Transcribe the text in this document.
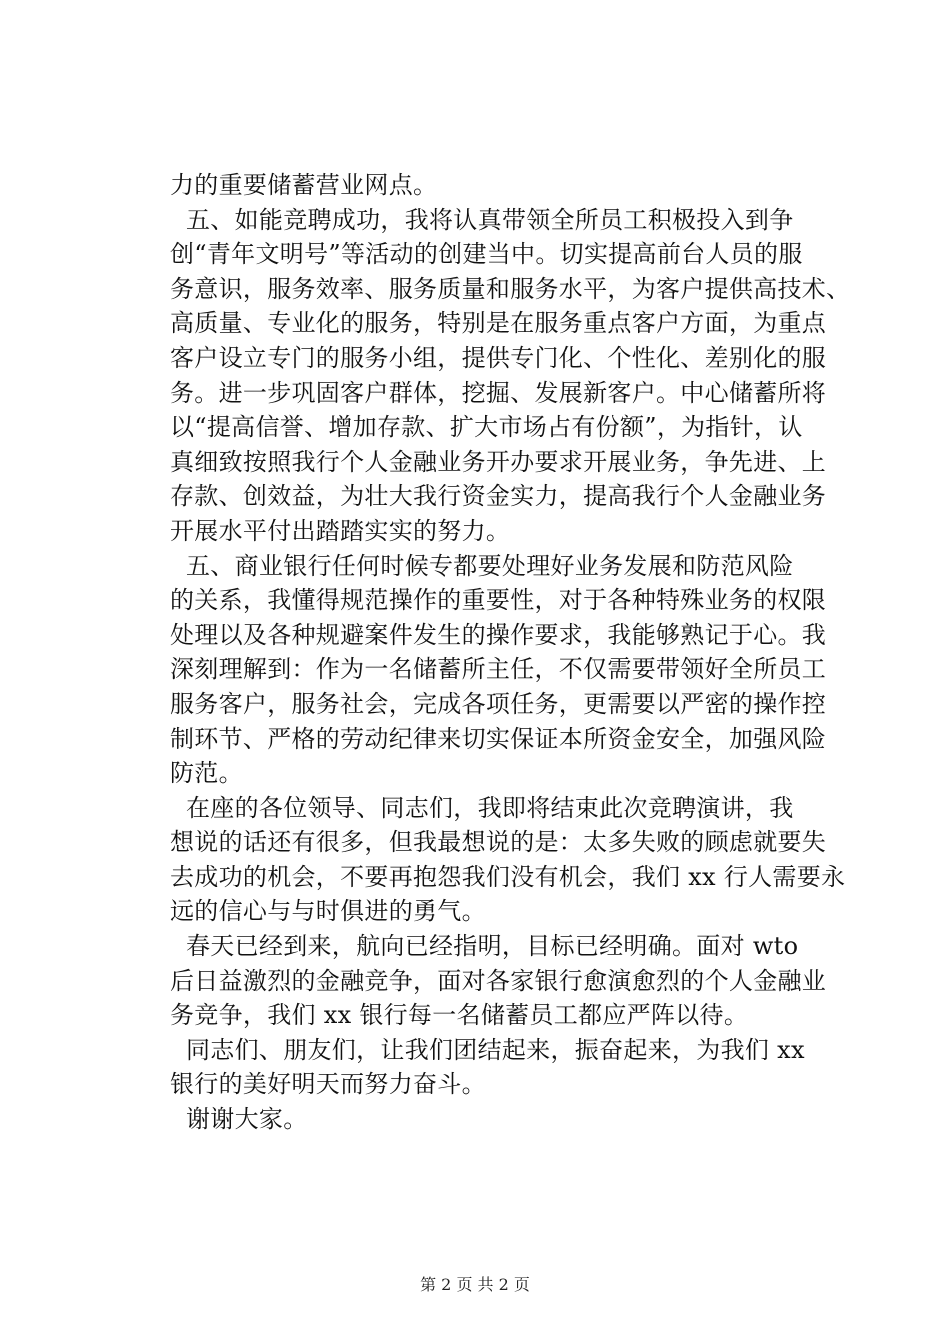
力的重要储蓄营业网点。
五、如能竞聘成功，我将认真带领全所员工积极投入到争
创“青年文明号”等活动的创建当中。切实提高前台人员的服
务意识，服务效率、服务质量和服务水平，为客户提供高技术、
高质量、专业化的服务，特别是在服务重点客户方面，为重点
客户设立专门的服务小组，提供专门化、个性化、差别化的服
务。进一步巩固客户群体，挖掘、发展新客户。中心储蓄所将
以“提高信誉、增加存款、扩大市场占有份额”，为指针，认
真细致按照我行个人金融业务开办要求开展业务，争先进、上
存款、创效益，为壮大我行资金实力，提高我行个人金融业务
开展水平付出踏踏实实的努力。
五、商业银行任何时候专都要处理好业务发展和防范风险
的关系，我懂得规范操作的重要性，对于各种特殊业务的权限
处理以及各种规避案件发生的操作要求，我能够熟记于心。我
深刻理解到：作为一名储蓄所主任，不仅需要带领好全所员工
服务客户，服务社会，完成各项任务，更需要以严密的操作控
制环节、严格的劳动纪律来切实保证本所资金安全，加强风险
防范。
在座的各位领导、同志们，我即将结束此次竞聘演讲，我
想说的话还有很多，但我最想说的是：太多失败的顾虑就要失
去成功的机会，不要再抱怨我们没有机会，我们 xx 行人需要永
远的信心与与时俱进的勇气。
春天已经到来，航向已经指明，目标已经明确。面对 wto
后日益激烈的金融竞争，面对各家银行愈演愈烈的个人金融业
务竞争，我们 xx 银行每一名储蓄员工都应严阵以待。
同志们、朋友们，让我们团结起来，振奋起来，为我们 xx
银行的美好明天而努力奋斗。
谢谢大家。
第 2 页 共 2 页
